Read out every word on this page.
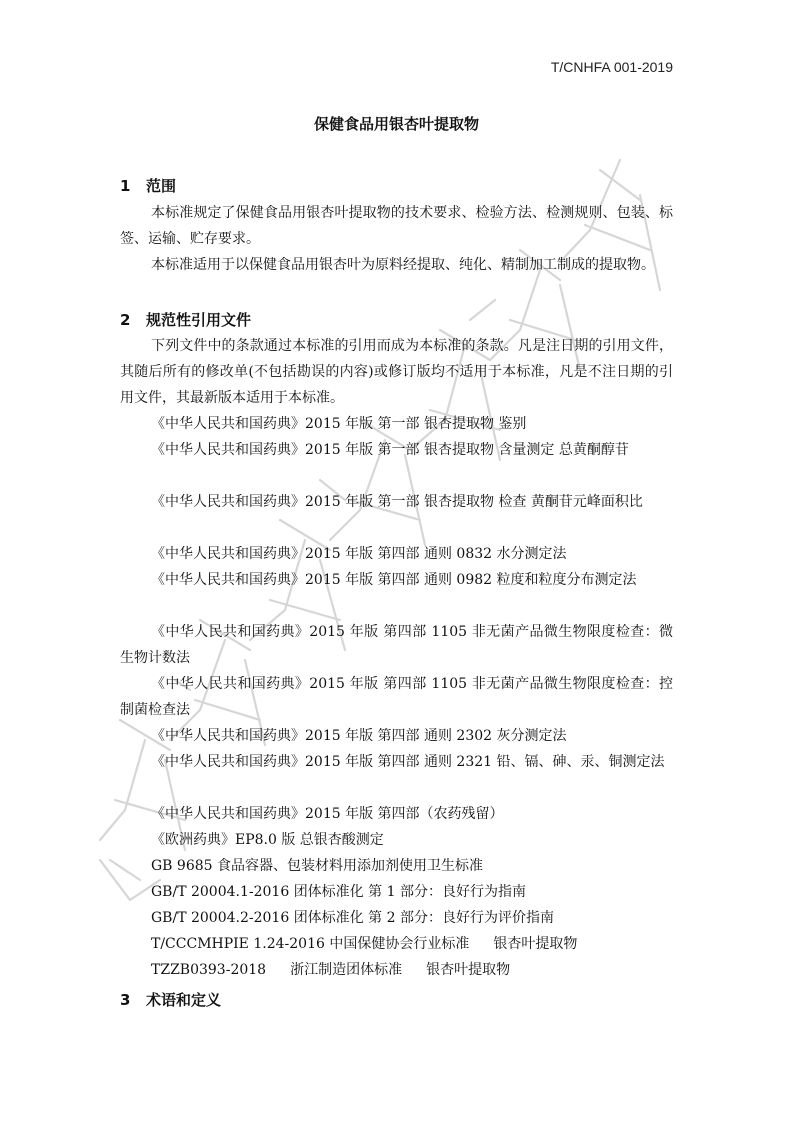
T/CNHFA 001-2019
保健食品用银杏叶提取物
1 范围
本标准规定了保健食品用银杏叶提取物的技术要求、检验方法、检测规则、包装、标签、运输、贮存要求。
本标准适用于以保健食品用银杏叶为原料经提取、纯化、精制加工制成的提取物。
2 规范性引用文件
下列文件中的条款通过本标准的引用而成为本标准的条款。凡是注日期的引用文件，其随后所有的修改单(不包括勘误的内容)或修订版均不适用于本标准，凡是不注日期的引用文件，其最新版本适用于本标准。
《中华人民共和国药典》2015 年版 第一部 银杏提取物 鉴别
《中华人民共和国药典》2015 年版 第一部 银杏提取物 含量测定 总黄酮醇苷
《中华人民共和国药典》2015 年版 第一部 银杏提取物 检查 黄酮苷元峰面积比
《中华人民共和国药典》2015 年版 第四部 通则 0832 水分测定法
《中华人民共和国药典》2015 年版 第四部 通则 0982 粒度和粒度分布测定法
《中华人民共和国药典》2015 年版 第四部 1105 非无菌产品微生物限度检查：微生物计数法
《中华人民共和国药典》2015 年版 第四部 1105 非无菌产品微生物限度检查：控制菌检查法
《中华人民共和国药典》2015 年版 第四部 通则 2302 灰分测定法
《中华人民共和国药典》2015 年版 第四部 通则 2321 铅、镉、砷、汞、铜测定法
《中华人民共和国药典》2015 年版 第四部（农药残留）
《欧洲药典》EP8.0 版 总银杏酸测定
GB 9685 食品容器、包装材料用添加剂使用卫生标准
GB/T 20004.1-2016 团体标准化 第 1 部分：良好行为指南
GB/T 20004.2-2016 团体标准化 第 2 部分：良好行为评价指南
T/CCCMHPIE 1.24-2016 中国保健协会行业标准 银杏叶提取物
TZZB0393-2018 浙江制造团体标准 银杏叶提取物
3 术语和定义
